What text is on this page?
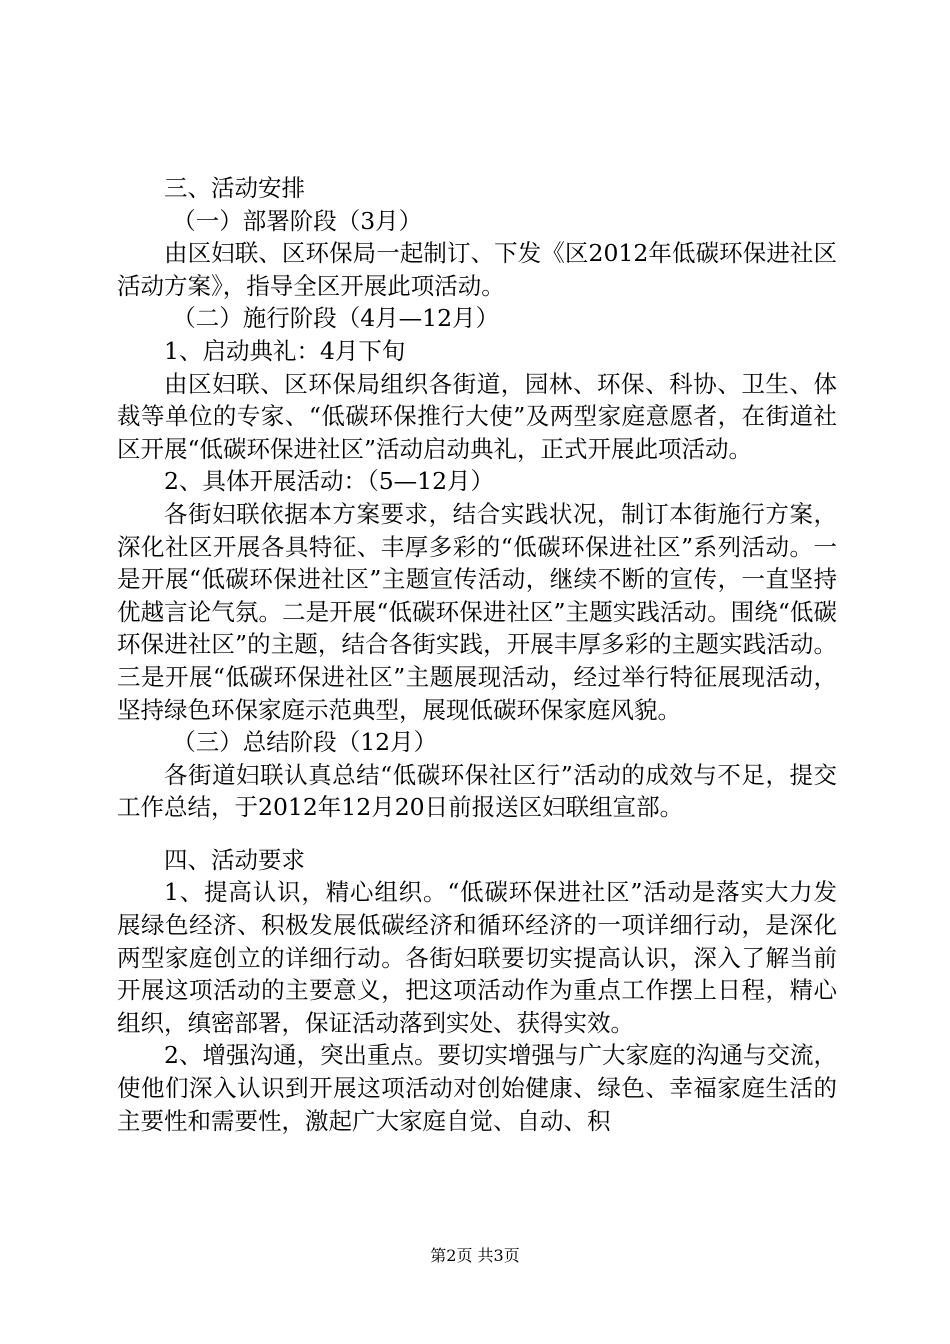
三、活动安排

（一）部署阶段（3月）

由区妇联、区环保局一起制订、下发《区2012年低碳环保进社区活动方案》，指导全区开展此项活动。

（二）施行阶段（4月—12月）

1、启动典礼：4月下旬

由区妇联、区环保局组织各街道，园林、环保、科协、卫生、体裁等单位的专家、“低碳环保推行大使”及两型家庭意愿者，在街道社区开展“低碳环保进社区”活动启动典礼，正式开展此项活动。

2、具体开展活动：（5—12月）

各街妇联依据本方案要求，结合实践状况，制订本街施行方案，深化社区开展各具特征、丰厚多彩的“低碳环保进社区”系列活动。一是开展“低碳环保进社区”主题宣传活动，继续不断的宣传，一直坚持优越言论气氛。二是开展“低碳环保进社区”主题实践活动。围绕“低碳环保进社区”的主题，结合各街实践，开展丰厚多彩的主题实践活动。三是开展“低碳环保进社区”主题展现活动，经过举行特征展现活动，坚持绿色环保家庭示范典型，展现低碳环保家庭风貌。

（三）总结阶段（12月）

各街道妇联认真总结“低碳环保社区行”活动的成效与不足，提交工作总结，于2012年12月20日前报送区妇联组宣部。

四、活动要求

1、提高认识，精心组织。“低碳环保进社区”活动是落实大力发展绿色经济、积极发展低碳经济和循环经济的一项详细行动，是深化两型家庭创立的详细行动。各街妇联要切实提高认识，深入了解当前开展这项活动的主要意义，把这项活动作为重点工作摆上日程，精心组织，缜密部署，保证活动落到实处、获得实效。

2、增强沟通，突出重点。要切实增强与广大家庭的沟通与交流，使他们深入认识到开展这项活动对创始健康、绿色、幸福家庭生活的主要性和需要性，激起广大家庭自觉、自动、积

第2页 共3页
